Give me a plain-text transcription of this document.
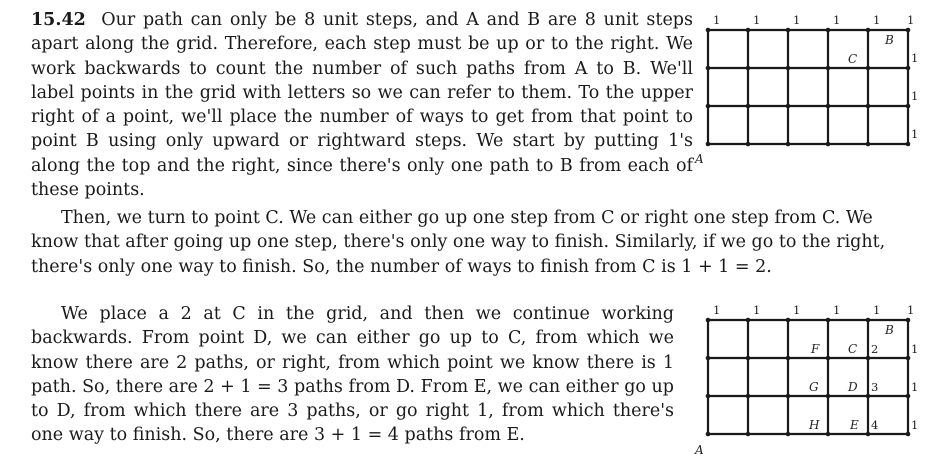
15.42 Our path can only be 8 unit steps, and A and B are 8 unit steps apart along the grid. Therefore, each step must be up or to the right. We work backwards to count the number of such paths from A to B. We'll label points in the grid with letters so we can refer to them. To the upper right of a point, we'll place the number of ways to get from that point to point B using only upward or rightward steps. We start by putting 1's along the top and the right, since there's only one path to B from each of these points.

Then, we turn to point C. We can either go up one step from C or right one step from C. We know that after going up one step, there's only one way to finish. Similarly, if we go to the right, there's only one way to finish. So, the number of ways to finish from C is 1 + 1 = 2.

We place a 2 at C in the grid, and then we continue working backwards. From point D, we can either go up to C, from which we know there are 2 paths, or right, from which point we know there is 1 path. So, there are 2 + 1 = 3 paths from D. From E, we can either go up to D, from which there are 3 paths, or go right 1, from which there's one way to finish. So, there are 3 + 1 = 4 paths from E.

1	1	1	1	1 1
1
1
1
B
C
A
1	1	1	1	1 1
1
1
1
B
C 2
F
G D 3
H	E 4
A
